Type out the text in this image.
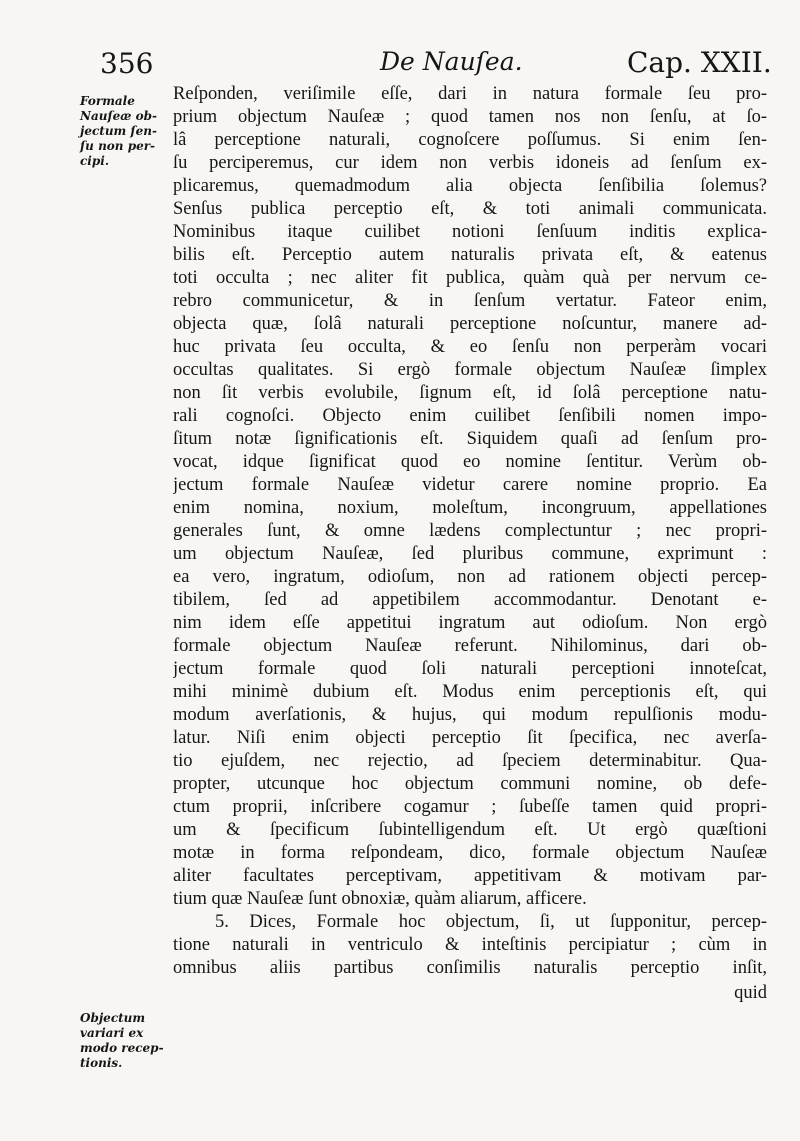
356	De Nauſea.	Cap. XXII.
Formale
Nauſeæ ob-
jectum ſen-
ſu non per-
cipi.
Objectum
variari ex
modo recep-
tionis.
Reſponden, veriſimile eſſe, dari in natura formale ſeu pro-
prium objectum Nauſeæ ; quod tamen nos non ſenſu, at ſo-
lâ perceptione naturali, cognoſcere poſſumus. Si enim ſen-
ſu perciperemus, cur idem non verbis idoneis ad ſenſum ex-
plicaremus, quemadmodum alia objecta ſenſibilia ſolemus?
Senſus publica perceptio eſt, & toti animali communicata.
Nominibus itaque cuilibet notioni ſenſuum inditis explica-
bilis eſt. Perceptio autem naturalis privata eſt, & eatenus
toti occulta ; nec aliter fit publica, quàm quà per nervum ce-
rebro communicetur, & in ſenſum vertatur. Fateor enim,
objecta quæ, ſolâ naturali perceptione noſcuntur, manere ad-
huc privata ſeu occulta, & eo ſenſu non perperàm vocari
occultas qualitates. Si ergò formale objectum Nauſeæ ſimplex
non ſit verbis evolubile, ſignum eſt, id ſolâ perceptione natu-
rali cognoſci. Objecto enim cuilibet ſenſibili nomen impo-
ſitum notæ ſignificationis eſt. Siquidem quaſi ad ſenſum pro-
vocat, idque ſignificat quod eo nomine ſentitur. Verùm ob-
jectum formale Nauſeæ videtur carere nomine proprio. Ea
enim nomina, noxium, moleſtum, incongruum, appellationes
generales ſunt, & omne lædens complectuntur ; nec propri-
um objectum Nauſeæ, ſed pluribus commune, exprimunt :
ea vero, ingratum, odioſum, non ad rationem objecti percep-
tibilem, ſed ad appetibilem accommodantur. Denotant e-
nim idem eſſe appetitui ingratum aut odioſum. Non ergò
formale objectum Nauſeæ referunt. Nihilominus, dari ob-
jectum formale quod ſoli naturali perceptioni innoteſcat,
mihi minimè dubium eſt. Modus enim perceptionis eſt, qui
modum averſationis, & hujus, qui modum repulſionis modu-
latur. Niſi enim objecti perceptio ſit ſpecifica, nec averſa-
tio ejuſdem, nec rejectio, ad ſpeciem determinabitur. Qua-
propter, utcunque hoc objectum communi nomine, ob defe-
ctum proprii, inſcribere cogamur ; ſubeſſe tamen quid propri-
um & ſpecificum ſubintelligendum eſt. Ut ergò quæſtioni
motæ in forma reſpondeam, dico, formale objectum Nauſeæ
aliter facultates perceptivam, appetitivam & motivam par-
tium quæ Nauſeæ ſunt obnoxiæ, quàm aliarum, afficere.
5. Dices, Formale hoc objectum, ſi, ut ſupponitur, percep-
tione naturali in ventriculo & inteſtinis percipiatur ; cùm in
omnibus aliis partibus conſimilis naturalis perceptio inſit,
quid
